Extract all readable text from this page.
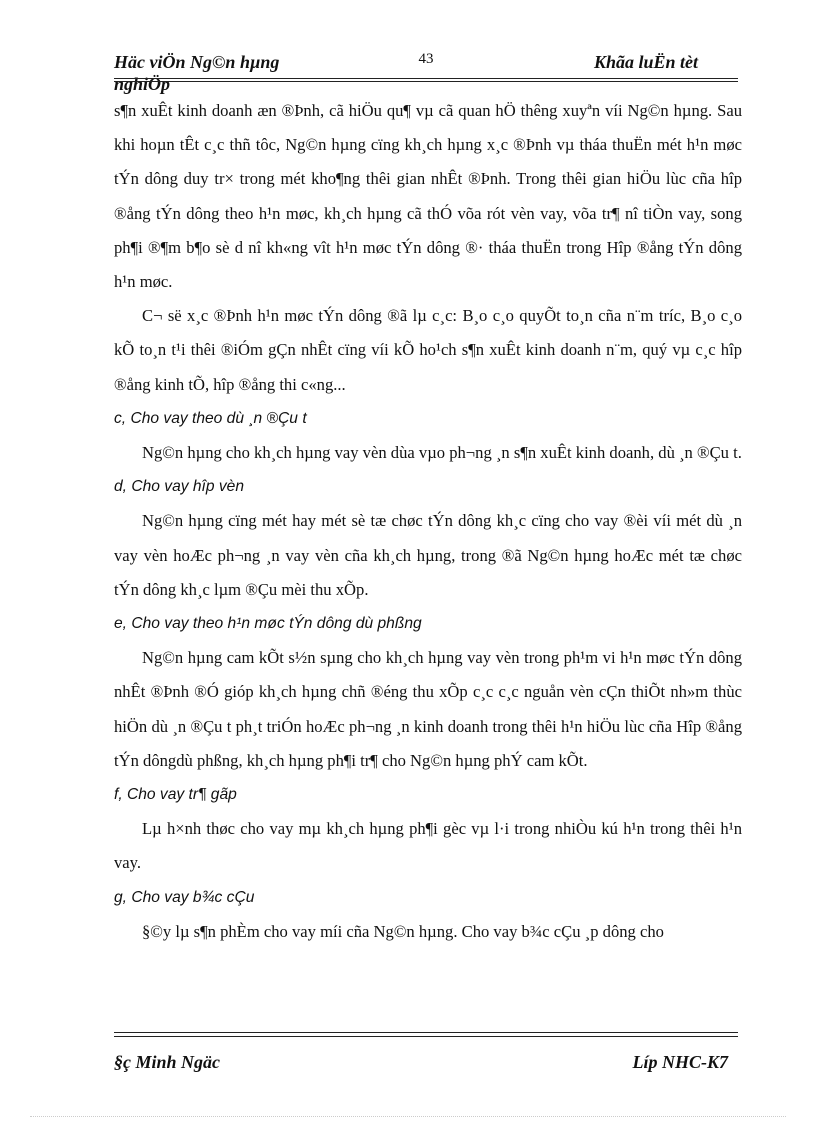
Häc viÖn Ng©n hµng	43	Khãa luËn tèt
nghiÖp

s¶n xuÊt kinh doanh æn ®Þnh, cã hiÖu qu¶ vµ cã quan hÖ thêng xuyªn víi Ng©n hµng. Sau khi hoµn tÊt c¸c thñ tôc, Ng©n hµng cïng kh¸ch hµng x¸c ®Þnh vµ tháa thuËn mét h¹n møc tÝn dông duy tr× trong mét kho¶ng thêi gian nhÊt ®Þnh. Trong thêi gian hiÖu lùc cña hîp ®ång tÝn dông theo h¹n møc, kh¸ch hµng cã thÓ võa rót vèn vay, võa tr¶ nî tiÒn vay, song ph¶i ®¶m b¶o sè d nî kh«ng vît h¹n møc tÝn dông ®· tháa thuËn trong Hîp ®ång tÝn dông h¹n møc.

C¬ së x¸c ®Þnh h¹n møc tÝn dông ®ã lµ c¸c: B¸o c¸o quyÕt to¸n cña n¨m tríc, B¸o c¸o kÕ to¸n t¹i thêi ®iÓm gÇn nhÊt cïng víi kÕ ho¹ch s¶n xuÊt kinh doanh n¨m, quý vµ c¸c hîp ®ång kinh tÕ, hîp ®ång thi c«ng...

c, Cho vay theo dù ¸n ®Çu t

Ng©n hµng cho kh¸ch hµng vay vèn dùa vµo ph¬ng ¸n s¶n xuÊt kinh doanh, dù ¸n ®Çu t.

d, Cho vay hîp vèn

Ng©n hµng cïng mét hay mét sè tæ chøc tÝn dông kh¸c cïng cho vay ®èi víi mét dù ¸n vay vèn hoÆc ph¬ng ¸n vay vèn cña kh¸ch hµng, trong ®ã Ng©n hµng hoÆc mét tæ chøc tÝn dông kh¸c lµm ®Çu mèi thu xÕp.

e, Cho vay theo h¹n møc tÝn dông dù phßng

Ng©n hµng cam kÕt s½n sµng cho kh¸ch hµng vay vèn trong ph¹m vi h¹n møc tÝn dông nhÊt ®Þnh ®Ó gióp kh¸ch hµng chñ ®éng thu xÕp c¸c c¸c nguån vèn cÇn thiÕt nh»m thùc hiÖn dù ¸n ®Çu t ph¸t triÓn hoÆc ph¬ng ¸n kinh doanh trong thêi h¹n hiÖu lùc cña Hîp ®ång tÝn dôngdù phßng, kh¸ch hµng ph¶i tr¶ cho Ng©n hµng phÝ cam kÕt.

f, Cho vay tr¶ gãp

Lµ h×nh thøc cho vay mµ kh¸ch hµng ph¶i gèc vµ l·i trong nhiÒu kú h¹n trong thêi h¹n vay.

g, Cho vay b¾c cÇu

§©y lµ s¶n phÈm cho vay míi cña Ng©n hµng. Cho vay b¾c cÇu ¸p dông cho

§ç Minh Ngäc	Líp NHC-K7
